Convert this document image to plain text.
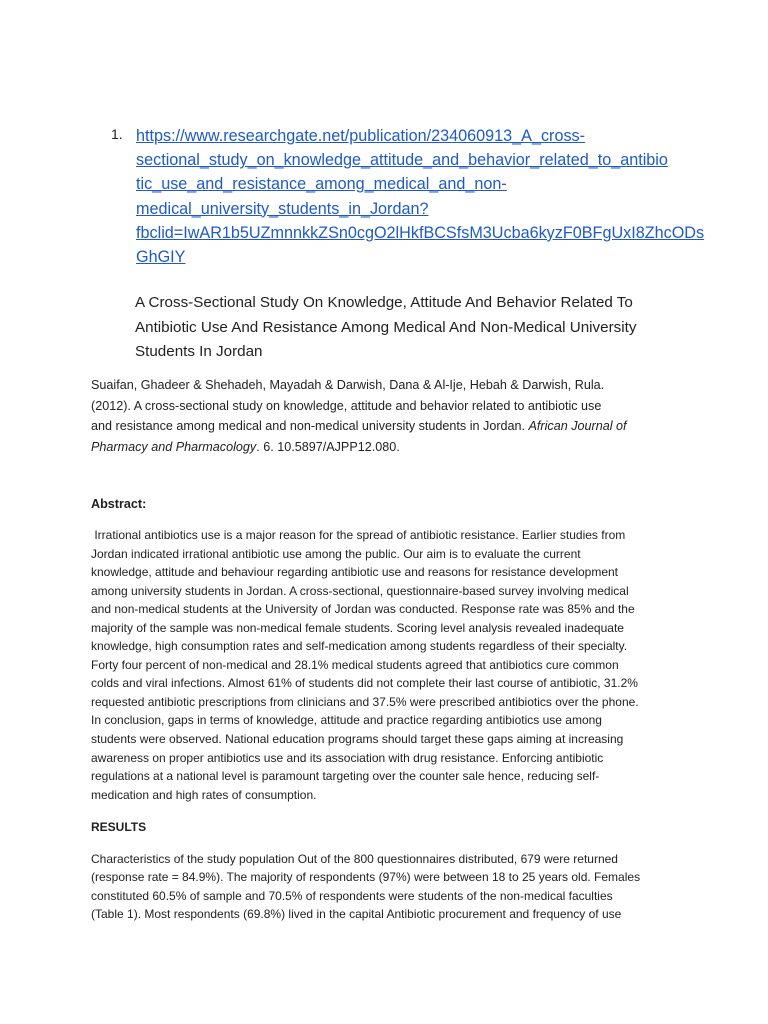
1. https://www.researchgate.net/publication/234060913_A_cross-
sectional_study_on_knowledge_attitude_and_behavior_related_to_antibio
tic_use_and_resistance_among_medical_and_non-
medical_university_students_in_Jordan?
fbclid=IwAR1b5UZmnnkkZSn0cgO2lHkfBCSfsM3Ucba6kyzF0BFgUxI8ZhcODs
GhGIY

A Cross-Sectional Study On Knowledge, Attitude And Behavior Related To
Antibiotic Use And Resistance Among Medical And Non-Medical University
Students In Jordan

Suaifan, Ghadeer & Shehadeh, Mayadah & Darwish, Dana & Al-Ije, Hebah & Darwish, Rula.
(2012). A cross-sectional study on knowledge, attitude and behavior related to antibiotic use
and resistance among medical and non-medical university students in Jordan. African Journal of
Pharmacy and Pharmacology. 6. 10.5897/AJPP12.080.

Abstract:

Irrational antibiotics use is a major reason for the spread of antibiotic resistance. Earlier studies from
Jordan indicated irrational antibiotic use among the public. Our aim is to evaluate the current
knowledge, attitude and behaviour regarding antibiotic use and reasons for resistance development
among university students in Jordan. A cross-sectional, questionnaire-based survey involving medical
and non-medical students at the University of Jordan was conducted. Response rate was 85% and the
majority of the sample was non-medical female students. Scoring level analysis revealed inadequate
knowledge, high consumption rates and self-medication among students regardless of their specialty.
Forty four percent of non-medical and 28.1% medical students agreed that antibiotics cure common
colds and viral infections. Almost 61% of students did not complete their last course of antibiotic, 31.2%
requested antibiotic prescriptions from clinicians and 37.5% were prescribed antibiotics over the phone.
In conclusion, gaps in terms of knowledge, attitude and practice regarding antibiotics use among
students were observed. National education programs should target these gaps aiming at increasing
awareness on proper antibiotics use and its association with drug resistance. Enforcing antibiotic
regulations at a national level is paramount targeting over the counter sale hence, reducing self-
medication and high rates of consumption.

RESULTS

Characteristics of the study population Out of the 800 questionnaires distributed, 679 were returned
(response rate = 84.9%). The majority of respondents (97%) were between 18 to 25 years old. Females
constituted 60.5% of sample and 70.5% of respondents were students of the non-medical faculties
(Table 1). Most respondents (69.8%) lived in the capital Antibiotic procurement and frequency of use
